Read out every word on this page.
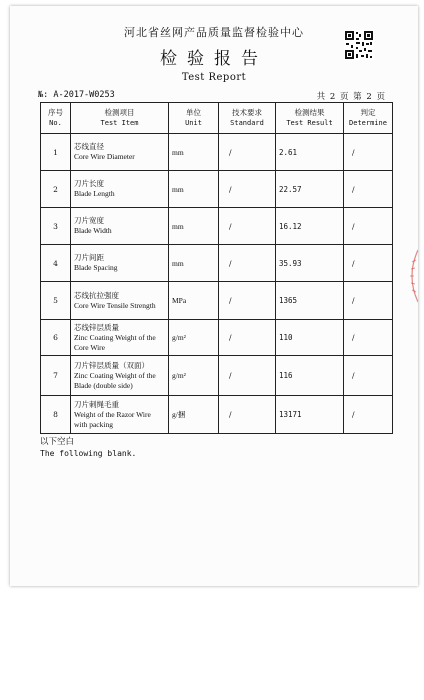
河北省丝网产品质量监督检验中心
检验报告
Test Report
№: A-2017-W0253	共 2 页 第 2 页
序号
No.	检测项目
Test Item	单位
Unit	技术要求
Standard	检测结果
Test Result	判定
Determine

1	芯线直径
Core Wire Diameter	mm	/	2.61	/
2	刀片长度
Blade Length	mm	/	22.57	/
3	刀片宽度
Blade Width	mm	/	16.12	/
4	刀片间距
Blade Spacing	mm	/	35.93	/
5	芯线抗拉强度
Core Wire Tensile Strength	MPa	/	1365	/
6	芯线锌层质量
Zinc Coating Weight of the Core Wire	g/m²	/	110	/
7	刀片锌层质量（双面）
Zinc Coating Weight of the Blade (double side)	g/m²	/	116	/
8	刀片刺绳毛重
Weight of the Razor Wire with packing	g/捆	/	13171	/
以下空白
The following blank.
